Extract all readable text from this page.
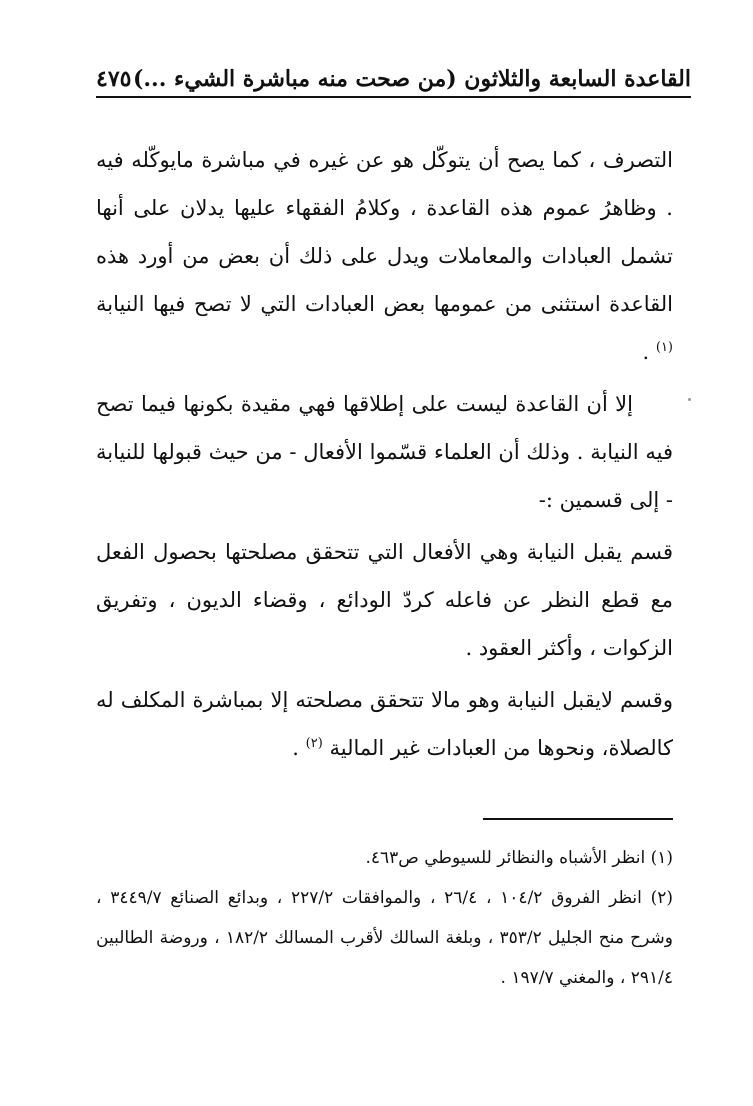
القاعدة السابعة والثلاثون (من صحت منه مباشرة الشيء ...)
٤٧٥

التصرف ، كما يصح أن يتوكّل هو عن غيره في مباشرة مايوكّله فيه . وظاهرُ عموم هذه القاعدة ، وكلامُ الفقهاء عليها يدلان على أنها تشمل العبادات والمعاملات ويدل على ذلك أن بعض من أورد هذه القاعدة استثنى من عمومها بعض العبادات التي لا تصح فيها النيابة $^{(١)}$ .

إلا أن القاعدة ليست على إطلاقها فهي مقيدة بكونها فيما تصح فيه النيابة . وذلك أن العلماء قسّموا الأفعال - من حيث قبولها للنيابة - إلى قسمين :-

قسم يقبل النيابة وهي الأفعال التي تتحقق مصلحتها بحصول الفعل مع قطع النظر عن فاعله كردّ الودائع ، وقضاء الديون ، وتفريق الزكوات ، وأكثر العقود .

وقسم لايقبل النيابة وهو مالا تتحقق مصلحته إلا بمباشرة المكلف له كالصلاة، ونحوها من العبادات غير المالية $^{(٢)}$ .

(١) انظر الأشباه والنظائر للسيوطي ص٤٦٣.

(٢) انظر الفروق ١٠٤/٢ ، ٢٦/٤ ، والموافقات ٢٢٧/٢ ، وبدائع الصنائع ٣٤٤٩/٧ ، وشرح منح الجليل ٣٥٣/٢ ، وبلغة السالك لأقرب المسالك ١٨٢/٢ ، وروضة الطالبين ٢٩١/٤ ، والمغني ١٩٧/٧ .
